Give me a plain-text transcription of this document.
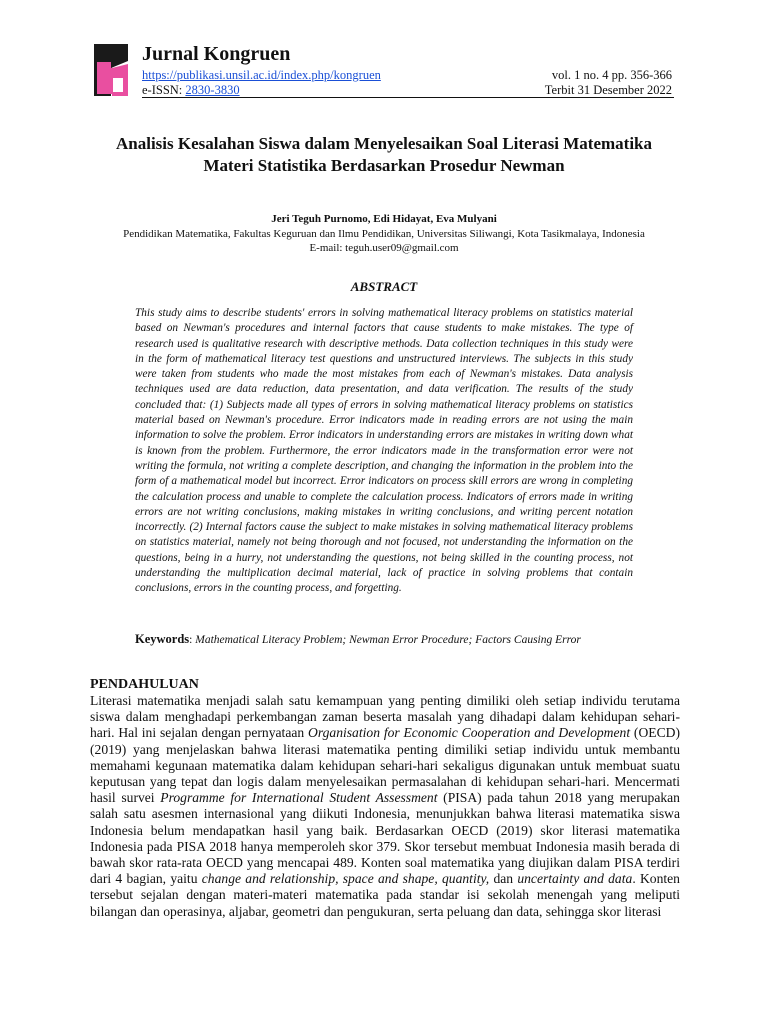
Jurnal Kongruen
https://publikasi.unsil.ac.id/index.php/kongruen
e-ISSN: 2830-3830
vol. 1 no. 4 pp. 356-366
Terbit 31 Desember 2022
Analisis Kesalahan Siswa dalam Menyelesaikan Soal Literasi Matematika
Materi Statistika Berdasarkan Prosedur Newman
Jeri Teguh Purnomo, Edi Hidayat, Eva Mulyani
Pendidikan Matematika, Fakultas Keguruan dan Ilmu Pendidikan, Universitas Siliwangi, Kota Tasikmalaya, Indonesia
E-mail: teguh.user09@gmail.com
ABSTRACT
This study aims to describe students' errors in solving mathematical literacy problems on statistics material based on Newman's procedures and internal factors that cause students to make mistakes. The type of research used is qualitative research with descriptive methods. Data collection techniques in this study were in the form of mathematical literacy test questions and unstructured interviews. The subjects in this study were taken from students who made the most mistakes from each of Newman's mistakes. Data analysis techniques used are data reduction, data presentation, and data verification. The results of the study concluded that: (1) Subjects made all types of errors in solving mathematical literacy problems on statistics material based on Newman's procedure. Error indicators made in reading errors are not using the main information to solve the problem. Error indicators in understanding errors are mistakes in writing down what is known from the problem. Furthermore, the error indicators made in the transformation error were not writing the formula, not writing a complete description, and changing the information in the problem into the form of a mathematical model but incorrect. Error indicators on process skill errors are wrong in completing the calculation process and unable to complete the calculation process. Indicators of errors made in writing errors are not writing conclusions, making mistakes in writing conclusions, and writing percent notation incorrectly. (2) Internal factors cause the subject to make mistakes in solving mathematical literacy problems on statistics material, namely not being thorough and not focused, not understanding the information on the questions, being in a hurry, not understanding the questions, not being skilled in the counting process, not understanding the multiplication decimal material, lack of practice in solving problems that contain conclusions, errors in the counting process, and forgetting.
Keywords: Mathematical Literacy Problem; Newman Error Procedure; Factors Causing Error
PENDAHULUAN
Literasi matematika menjadi salah satu kemampuan yang penting dimiliki oleh setiap individu terutama siswa dalam menghadapi perkembangan zaman beserta masalah yang dihadapi dalam kehidupan sehari-hari. Hal ini sejalan dengan pernyataan Organisation for Economic Cooperation and Development (OECD) (2019) yang menjelaskan bahwa literasi matematika penting dimiliki setiap individu untuk membantu memahami kegunaan matematika dalam kehidupan sehari-hari sekaligus digunakan untuk membuat suatu keputusan yang tepat dan logis dalam menyelesaikan permasalahan di kehidupan sehari-hari. Mencermati hasil survei Programme for International Student Assessment (PISA) pada tahun 2018 yang merupakan salah satu asesmen internasional yang diikuti Indonesia, menunjukkan bahwa literasi matematika siswa Indonesia belum mendapatkan hasil yang baik. Berdasarkan OECD (2019) skor literasi matematika Indonesia pada PISA 2018 hanya memperoleh skor 379. Skor tersebut membuat Indonesia masih berada di bawah skor rata-rata OECD yang mencapai 489. Konten soal matematika yang diujikan dalam PISA terdiri dari 4 bagian, yaitu change and relationship, space and shape, quantity, dan uncertainty and data. Konten tersebut sejalan dengan materi-materi matematika pada standar isi sekolah menengah yang meliputi bilangan dan operasinya, aljabar, geometri dan pengukuran, serta peluang dan data, sehingga skor literasi
